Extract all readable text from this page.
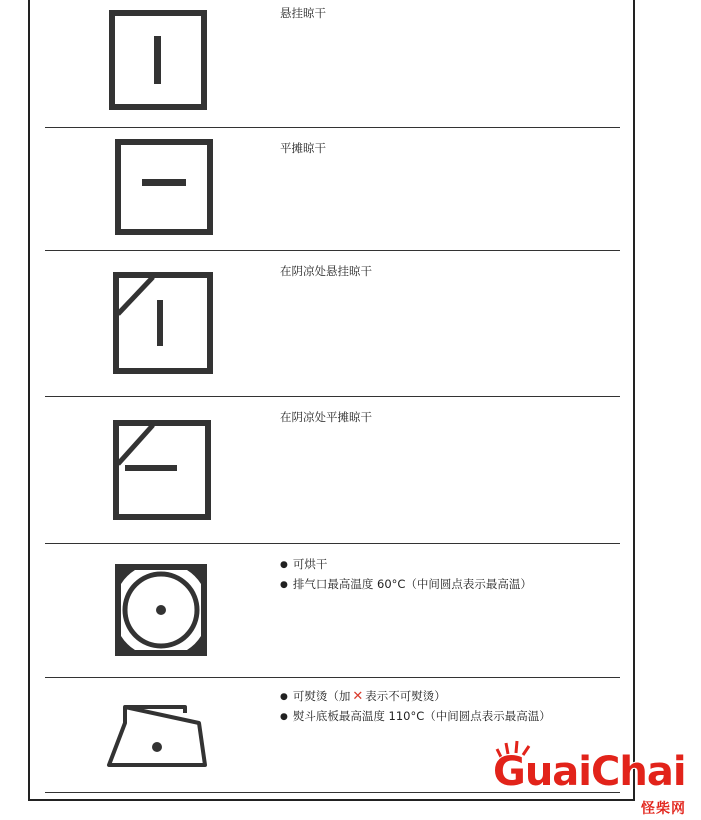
悬挂晾干
平摊晾干
在阴凉处悬挂晾干
在阴凉处平摊晾干
● 可烘干
● 排气口最高温度 60°C（中间圆点表示最高温）
● 可熨烫（加 ✕ 表示不可熨烫）
● 熨斗底板最高温度 110°C（中间圆点表示最高温）
GuaiChai
怪柴网
